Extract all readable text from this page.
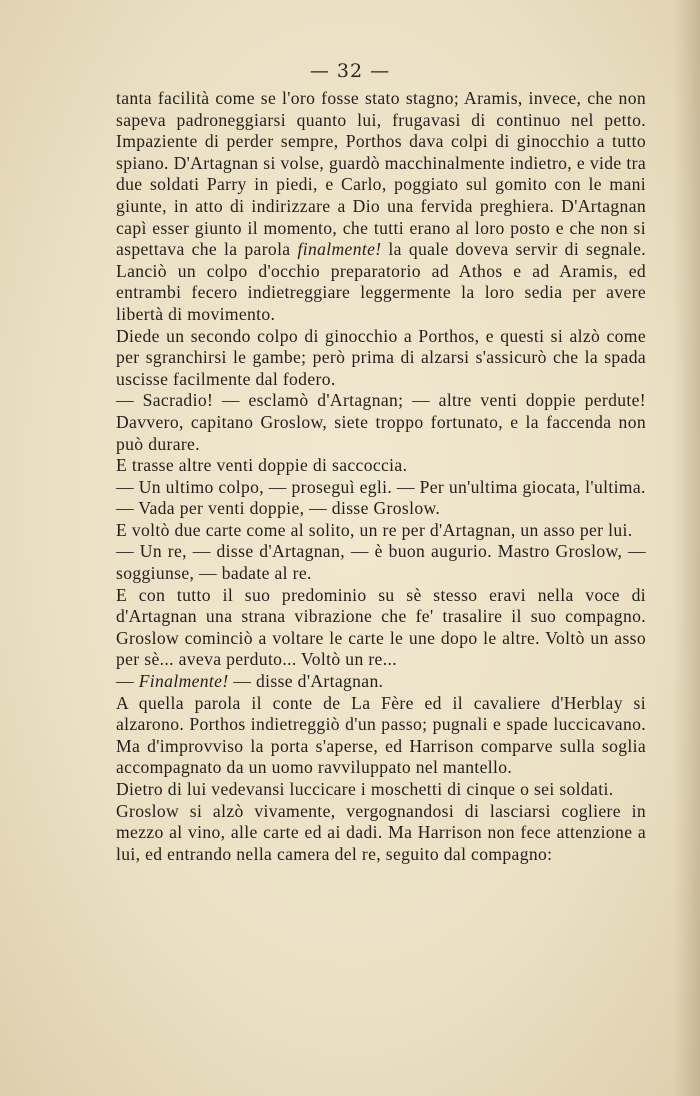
— 32 —

tanta facilità come se l'oro fosse stato stagno; Aramis, invece, che non sapeva padroneggiarsi quanto lui, frugavasi di continuo nel petto. Impaziente di perder sempre, Porthos dava colpi di ginocchio a tutto spiano. D'Artagnan si volse, guardò macchinalmente indietro, e vide tra due soldati Parry in piedi, e Carlo, poggiato sul gomito con le mani giunte, in atto di indirizzare a Dio una fervida preghiera. D'Artagnan capì esser giunto il momento, che tutti erano al loro posto e che non si aspettava che la parola finalmente! la quale doveva servir di segnale. Lanciò un colpo d'occhio preparatorio ad Athos e ad Aramis, ed entrambi fecero indietreggiare leggermente la loro sedia per avere libertà di movimento.

Diede un secondo colpo di ginocchio a Porthos, e questi si alzò come per sgranchirsi le gambe; però prima di alzarsi s'assicurò che la spada uscisse facilmente dal fodero.

— Sacradio! — esclamò d'Artagnan; — altre venti doppie perdute! Davvero, capitano Groslow, siete troppo fortunato, e la faccenda non può durare.

E trasse altre venti doppie di saccoccia.

— Un ultimo colpo, — proseguì egli. — Per un'ultima giocata, l'ultima.

— Vada per venti doppie, — disse Groslow.

E voltò due carte come al solito, un re per d'Artagnan, un asso per lui.

— Un re, — disse d'Artagnan, — è buon augurio. Mastro Groslow, — soggiunse, — badate al re.

E con tutto il suo predominio su sè stesso eravi nella voce di d'Artagnan una strana vibrazione che fe' trasalire il suo compagno. Groslow cominciò a voltare le carte le une dopo le altre. Voltò un asso per sè... aveva perduto... Voltò un re...

— Finalmente! — disse d'Artagnan.

A quella parola il conte de La Fère ed il cavaliere d'Herblay si alzarono. Porthos indietreggiò d'un passo; pugnali e spade luccicavano. Ma d'improvviso la porta s'aperse, ed Harrison comparve sulla soglia accompagnato da un uomo ravviluppato nel mantello.

Dietro di lui vedevansi luccicare i moschetti di cinque o sei soldati.

Groslow si alzò vivamente, vergognandosi di lasciarsi cogliere in mezzo al vino, alle carte ed ai dadi. Ma Harrison non fece attenzione a lui, ed entrando nella camera del re, seguito dal compagno:
